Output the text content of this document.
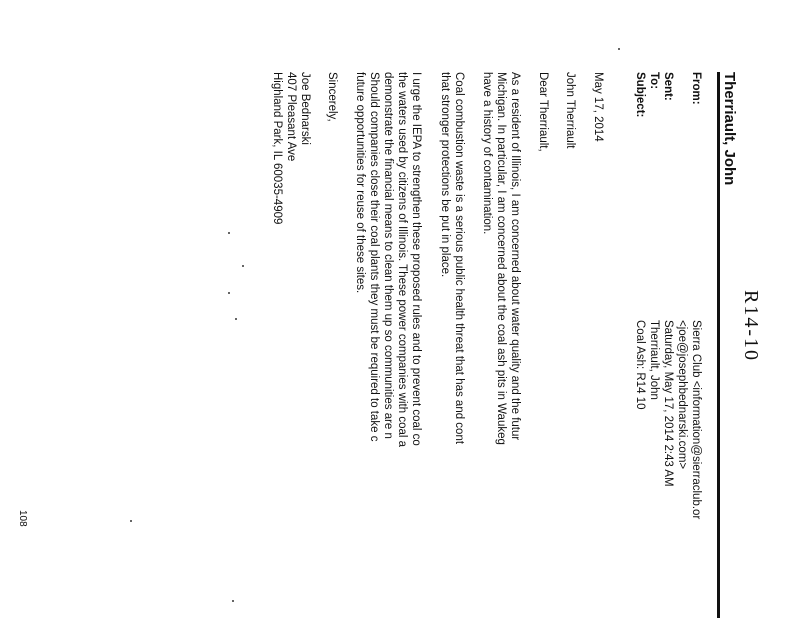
R14-10
Therriault, John
From:
Sierra Club <information@sierraclub.or
<joe@josephbednarski.com>
Sent:
Saturday, May 17, 2014 2:43 AM
To:
Therriault, John
Subject:
Coal Ash: R14 10
May 17, 2014
John Therriault
Dear Therriault,
As a resident of Illinois, I am concerned about water quality and the futur
Michigan. In particular, I am concerned about the coal ash pits in Waukeg
have a history of contamination.
Coal combustion waste is a serious public health threat that has and cont
that stronger protections be put in place.
I urge the IEPA to strengthen these proposed rules and to prevent coal co
the waters used by citizens of Illinois. These power companies with coal a
demonstrate the financial means to clean them up so communities are n
Should companies close their coal plants they must be required to take c
future opportunities for reuse of these sites.
Sincerely,
Joe Bednarski
407 Pleasant Ave
Highland Park, IL 60035-4909
108
